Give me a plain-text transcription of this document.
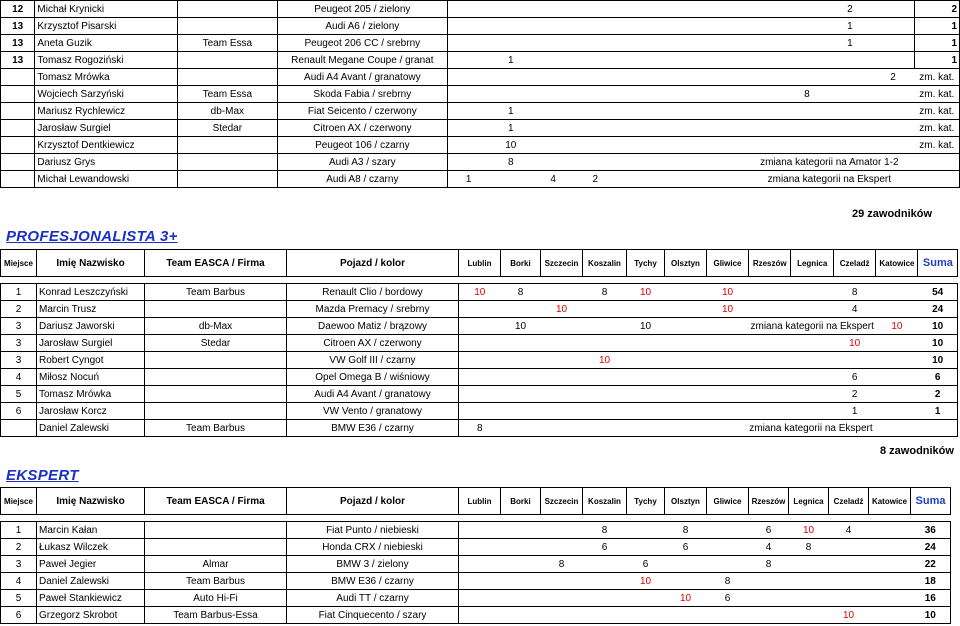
12	Michał Krynicki		Peugeot 205 / zielony										2		2
13	Krzysztof Pisarski		Audi A6 / zielony										1		1
13	Aneta Guzik	Team Essa	Peugeot 206 CC / srebrny										1		1
13	Tomasz Rogoziński		Renault Megane Coupe / granat		1										1
	Tomasz Mrówka		Audi A4 Avant / granatowy											2	zm. kat.
	Wojciech Sarzyński	Team Essa	Skoda Fabia / srebrny									8			zm. kat.
	Mariusz Rychlewicz	db-Max	Fiat Seicento / czerwony		1										zm. kat.
	Jarosław Surgiel	Stedar	Citroen AX / czerwony		1										zm. kat.
	Krzysztof Dentkiewicz		Peugeot 106 / czarny		10										zm. kat.
	Dariusz Grys		Audi A3 / szary		8					zmiana kategorii na Amator 1-2					
	Michał Lewandowski		Audi A8 / czarny	1		4	2			zmiana kategorii na Ekspert					
PROFESJONALISTA 3+
29 zawodników
Miejsce	Imię Nazwisko	Team EASCA / Firma	Pojazd / kolor	Lublin	Borki	Szczecin	Koszalin	Tychy	Olsztyn	Gliwice	Rzeszów	Legnica	Czeladź	Katowice	Suma

1	Konrad Leszczyński	Team Barbus	Renault Clio / bordowy	10	8		8	10		10			8		54
2	Marcin Trusz		Mazda Premacy / srebrny			10				10			4		24
3	Dariusz Jaworski	db-Max	Daewoo Matiz / brązowy		10			10			zmiana kategorii na Ekspert			10	10
3	Jarosław Surgiel	Stedar	Citroen AX / czerwony										10		10
3	Robert Cyngot		VW Golf III / czarny				10								10
4	Miłosz Nocuń		Opel Omega B / wiśniowy										6		6
5	Tomasz Mrówka		Audi A4 Avant / granatowy										2		2
6	Jarosław Korcz		VW Vento / granatowy										1		1
	Daniel Zalewski	Team Barbus	BMW E36 / czarny	8					zmiana kategorii na Ekspert						
EKSPERT
8 zawodników
Miejsce	Imię Nazwisko	Team EASCA / Firma	Pojazd / kolor	Lublin	Borki	Szczecin	Koszalin	Tychy	Olsztyn	Gliwice	Rzeszów	Legnica	Czeladź	Katowice	Suma

1	Marcin Kałan		Fiat Punto / niebieski				8		8		6	10	4		36
2	Łukasz Wilczek		Honda CRX / niebieski				6		6		4	8			24
3	Paweł Jegier	Almar	BMW 3 / zielony			8		6			8				22
4	Daniel Zalewski	Team Barbus	BMW E36 / czarny					10		8					18
5	Paweł Stankiewicz	Auto Hi-Fi	Audi TT / czarny						10	6					16
6	Grzegorz Skrobot	Team Barbus-Essa	Fiat Cinquecento / szary										10		10
